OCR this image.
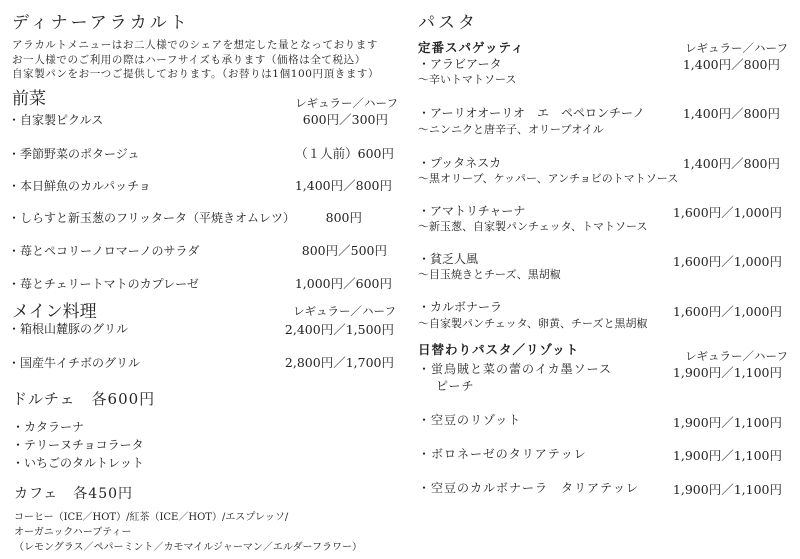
ディナーアラカルト
アラカルトメニューはお二人様でのシェアを想定した量となっております
お一人様でのご利用の際はハーフサイズも承ります（価格は全て税込）
自家製パンをお一つご提供しております。（お替りは1個100円頂きます）
前菜	レギュラー／ハーフ
・自家製ピクルス	600円／300円
・季節野菜のポタージュ	（１人前）600円
・本日鮮魚のカルパッチョ	1,400円／800円
・しらすと新玉葱のフリッタータ（平焼きオムレツ） 800円
・苺とペコリーノロマーノのサラダ	800円／500円
・苺とチェリートマトのカプレーゼ	1,000円／600円
メイン料理	レギュラー／ハーフ
・箱根山麓豚のグリル	2,400円／1,500円
・国産牛イチボのグリル	2,800円／1,700円
ドルチェ　各600円
・カタラーナ
・テリーヌチョコラータ
・いちごのタルトレット
カフェ　各450円
コーヒー（ICE／HOT）/紅茶（ICE／HOT）/エスプレッソ/
オーガニックハーブティー
（レモングラス／ペパーミント／カモマイルジャーマン／エルダーフラワー）
パスタ
定番スパゲッティ	レギュラー／ハーフ
・アラビアータ
〜辛いトマトソース
1,400円／800円
・アーリオオーリオ　エ　ペペロンチーノ
〜ニンニクと唐辛子、オリーブオイル
1,400円／800円
・プッタネスカ
〜黒オリーブ、ケッパー、アンチョビのトマトソース
1,400円／800円
・アマトリチャーナ
〜新玉葱、自家製パンチェッタ、トマトソース
1,600円／1,000円
・貧乏人風
〜目玉焼きとチーズ、黒胡椒
1,600円／1,000円
・カルボナーラ
〜自家製パンチェッタ、卵黄、チーズと黒胡椒
1,600円／1,000円
日替わりパスタ／リゾット	レギュラー／ハーフ
・蛍烏賊と菜の蕾のイカ墨ソース
ピーチ
1,900円／1,100円
・空豆のリゾット	1,900円／1,100円
・ボロネーゼのタリアテッレ	1,900円／1,100円
・空豆のカルボナーラ　タリアテッレ	1,900円／1,100円
